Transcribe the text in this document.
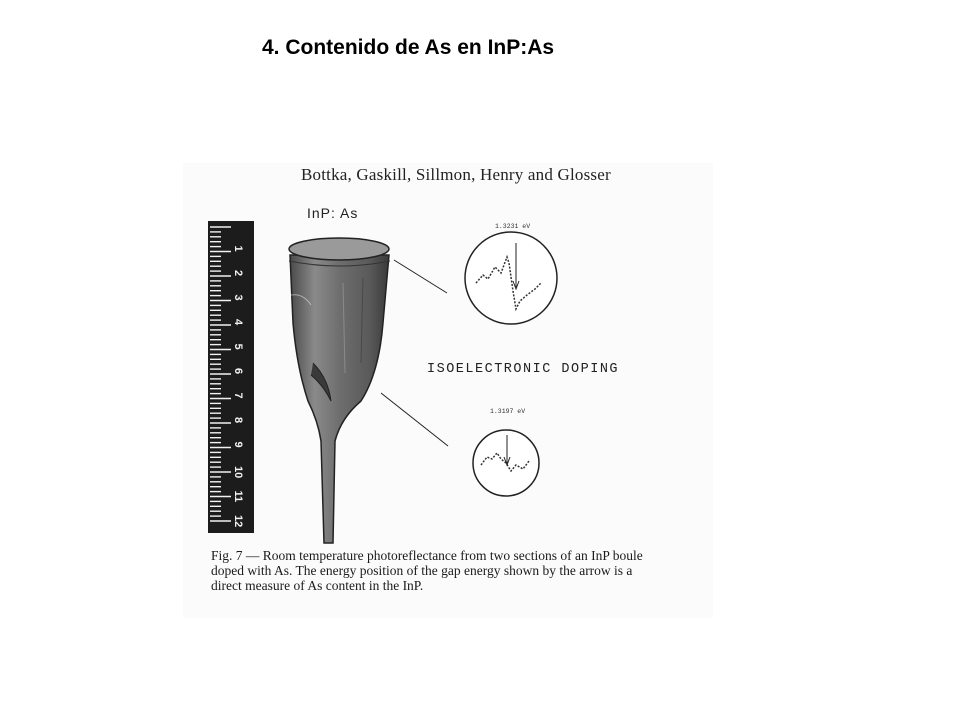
4. Contenido de As en InP:As
1
2
3
4
5
6
7
8
9
10
11
12
Bottka, Gaskill, Sillmon, Henry and Glosser
InP: As
1.3231 eV
1.3197 eV
ISOELECTRONIC DOPING
Fig. 7 — Room temperature photoreflectance from two sections of an InP boule doped with As. The energy position of the gap energy shown by the arrow is a direct measure of As content in the InP.
